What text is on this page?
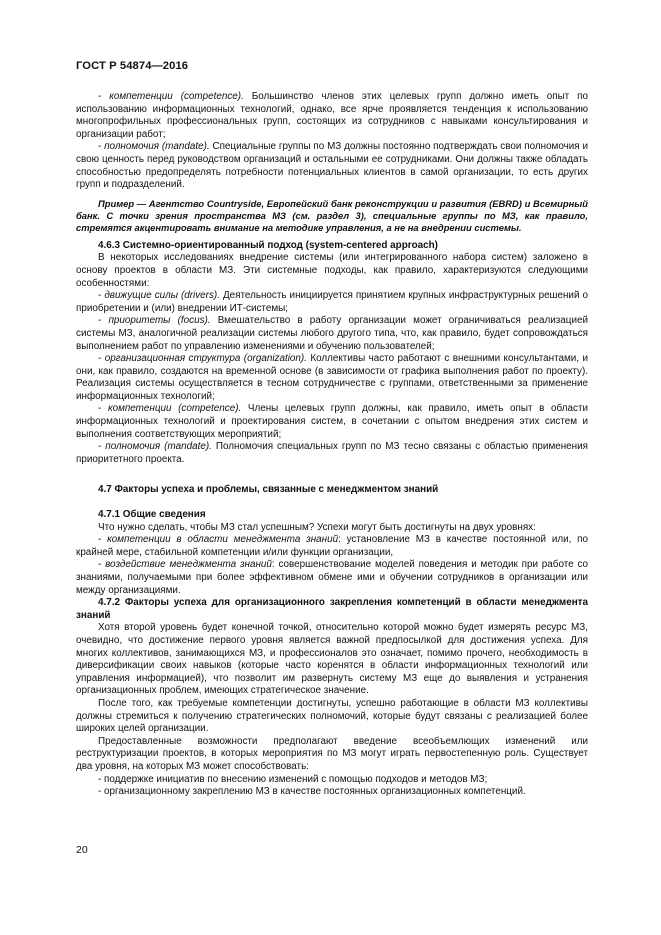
ГОСТ Р 54874—2016

- компетенции (competence). Большинство членов этих целевых групп должно иметь опыт по использованию информационных технологий, однако, все ярче проявляется тенденция к использованию многопрофильных профессиональных групп, состоящих из сотрудников с навыками консультирования и организации работ;

- полномочия (mandate). Специальные группы по МЗ должны постоянно подтверждать свои полномочия и свою ценность перед руководством организаций и остальными ее сотрудниками. Они должны также обладать способностью предопределять потребности потенциальных клиентов в самой организации, то есть других групп и подразделений.

Пример — Агентство Countryside, Европейский банк реконструкции и развития (EBRD) и Всемирный банк. С точки зрения пространства МЗ (см. раздел 3), специальные группы по МЗ, как правило, стремятся акцентировать внимание на методике управления, а не на внедрении системы.

4.6.3 Системно-ориентированный подход (system-centered approach)

В некоторых исследованиях внедрение системы (или интегрированного набора систем) заложено в основу проектов в области МЗ. Эти системные подходы, как правило, характеризуются следующими особенностями:

- движущие силы (drivers). Деятельность инициируется принятием крупных инфраструктурных решений о приобретении и (или) внедрении ИТ-системы;

- приоритеты (focus). Вмешательство в работу организации может ограничиваться реализацией системы МЗ, аналогичной реализации системы любого другого типа, что, как правило, будет сопровождаться выполнением работ по управлению изменениями и обучению пользователей;

- организационная структура (organization). Коллективы часто работают с внешними консультантами, и они, как правило, создаются на временной основе (в зависимости от графика выполнения работ по проекту). Реализация системы осуществляется в тесном сотрудничестве с группами, ответственными за применение информационных технологий;

- компетенции (competence). Члены целевых групп должны, как правило, иметь опыт в области информационных технологий и проектирования систем, в сочетании с опытом внедрения этих систем и выполнения соответствующих мероприятий;

- полномочия (mandate). Полномочия специальных групп по МЗ тесно связаны с областью применения приоритетного проекта.

4.7 Факторы успеха и проблемы, связанные с менеджментом знаний
4.7.1 Общие сведения

Что нужно сделать, чтобы МЗ стал успешным? Успехи могут быть достигнуты на двух уровнях:

- компетенции в области менеджмента знаний: установление МЗ в качестве постоянной или, по крайней мере, стабильной компетенции и/или функции организации,

- воздействие менеджмента знаний: совершенствование моделей поведения и методик при работе со знаниями, получаемыми при более эффективном обмене ими и обучении сотрудников в организации или между организациями.

4.7.2 Факторы успеха для организационного закрепления компетенций в области менеджмента знаний

Хотя второй уровень будет конечной точкой, относительно которой можно будет измерять ресурс МЗ, очевидно, что достижение первого уровня является важной предпосылкой для достижения успеха. Для многих коллективов, занимающихся МЗ, и профессионалов это означает, помимо прочего, необходимость в диверсификации своих навыков (которые часто коренятся в области информационных технологий или управления информацией), что позволит им развернуть систему МЗ еще до выявления и устранения организационных проблем, имеющих стратегическое значение.

После того, как требуемые компетенции достигнуты, успешно работающие в области МЗ коллективы должны стремиться к получению стратегических полномочий, которые будут связаны с реализацией более широких целей организации.

Предоставленные возможности предполагают введение всеобъемлющих изменений или реструктуризации проектов, в которых мероприятия по МЗ могут играть первостепенную роль. Существует два уровня, на которых МЗ может способствовать:

- поддержке инициатив по внесению изменений с помощью подходов и методов МЗ;

- организационному закреплению МЗ в качестве постоянных организационных компетенций.

20
